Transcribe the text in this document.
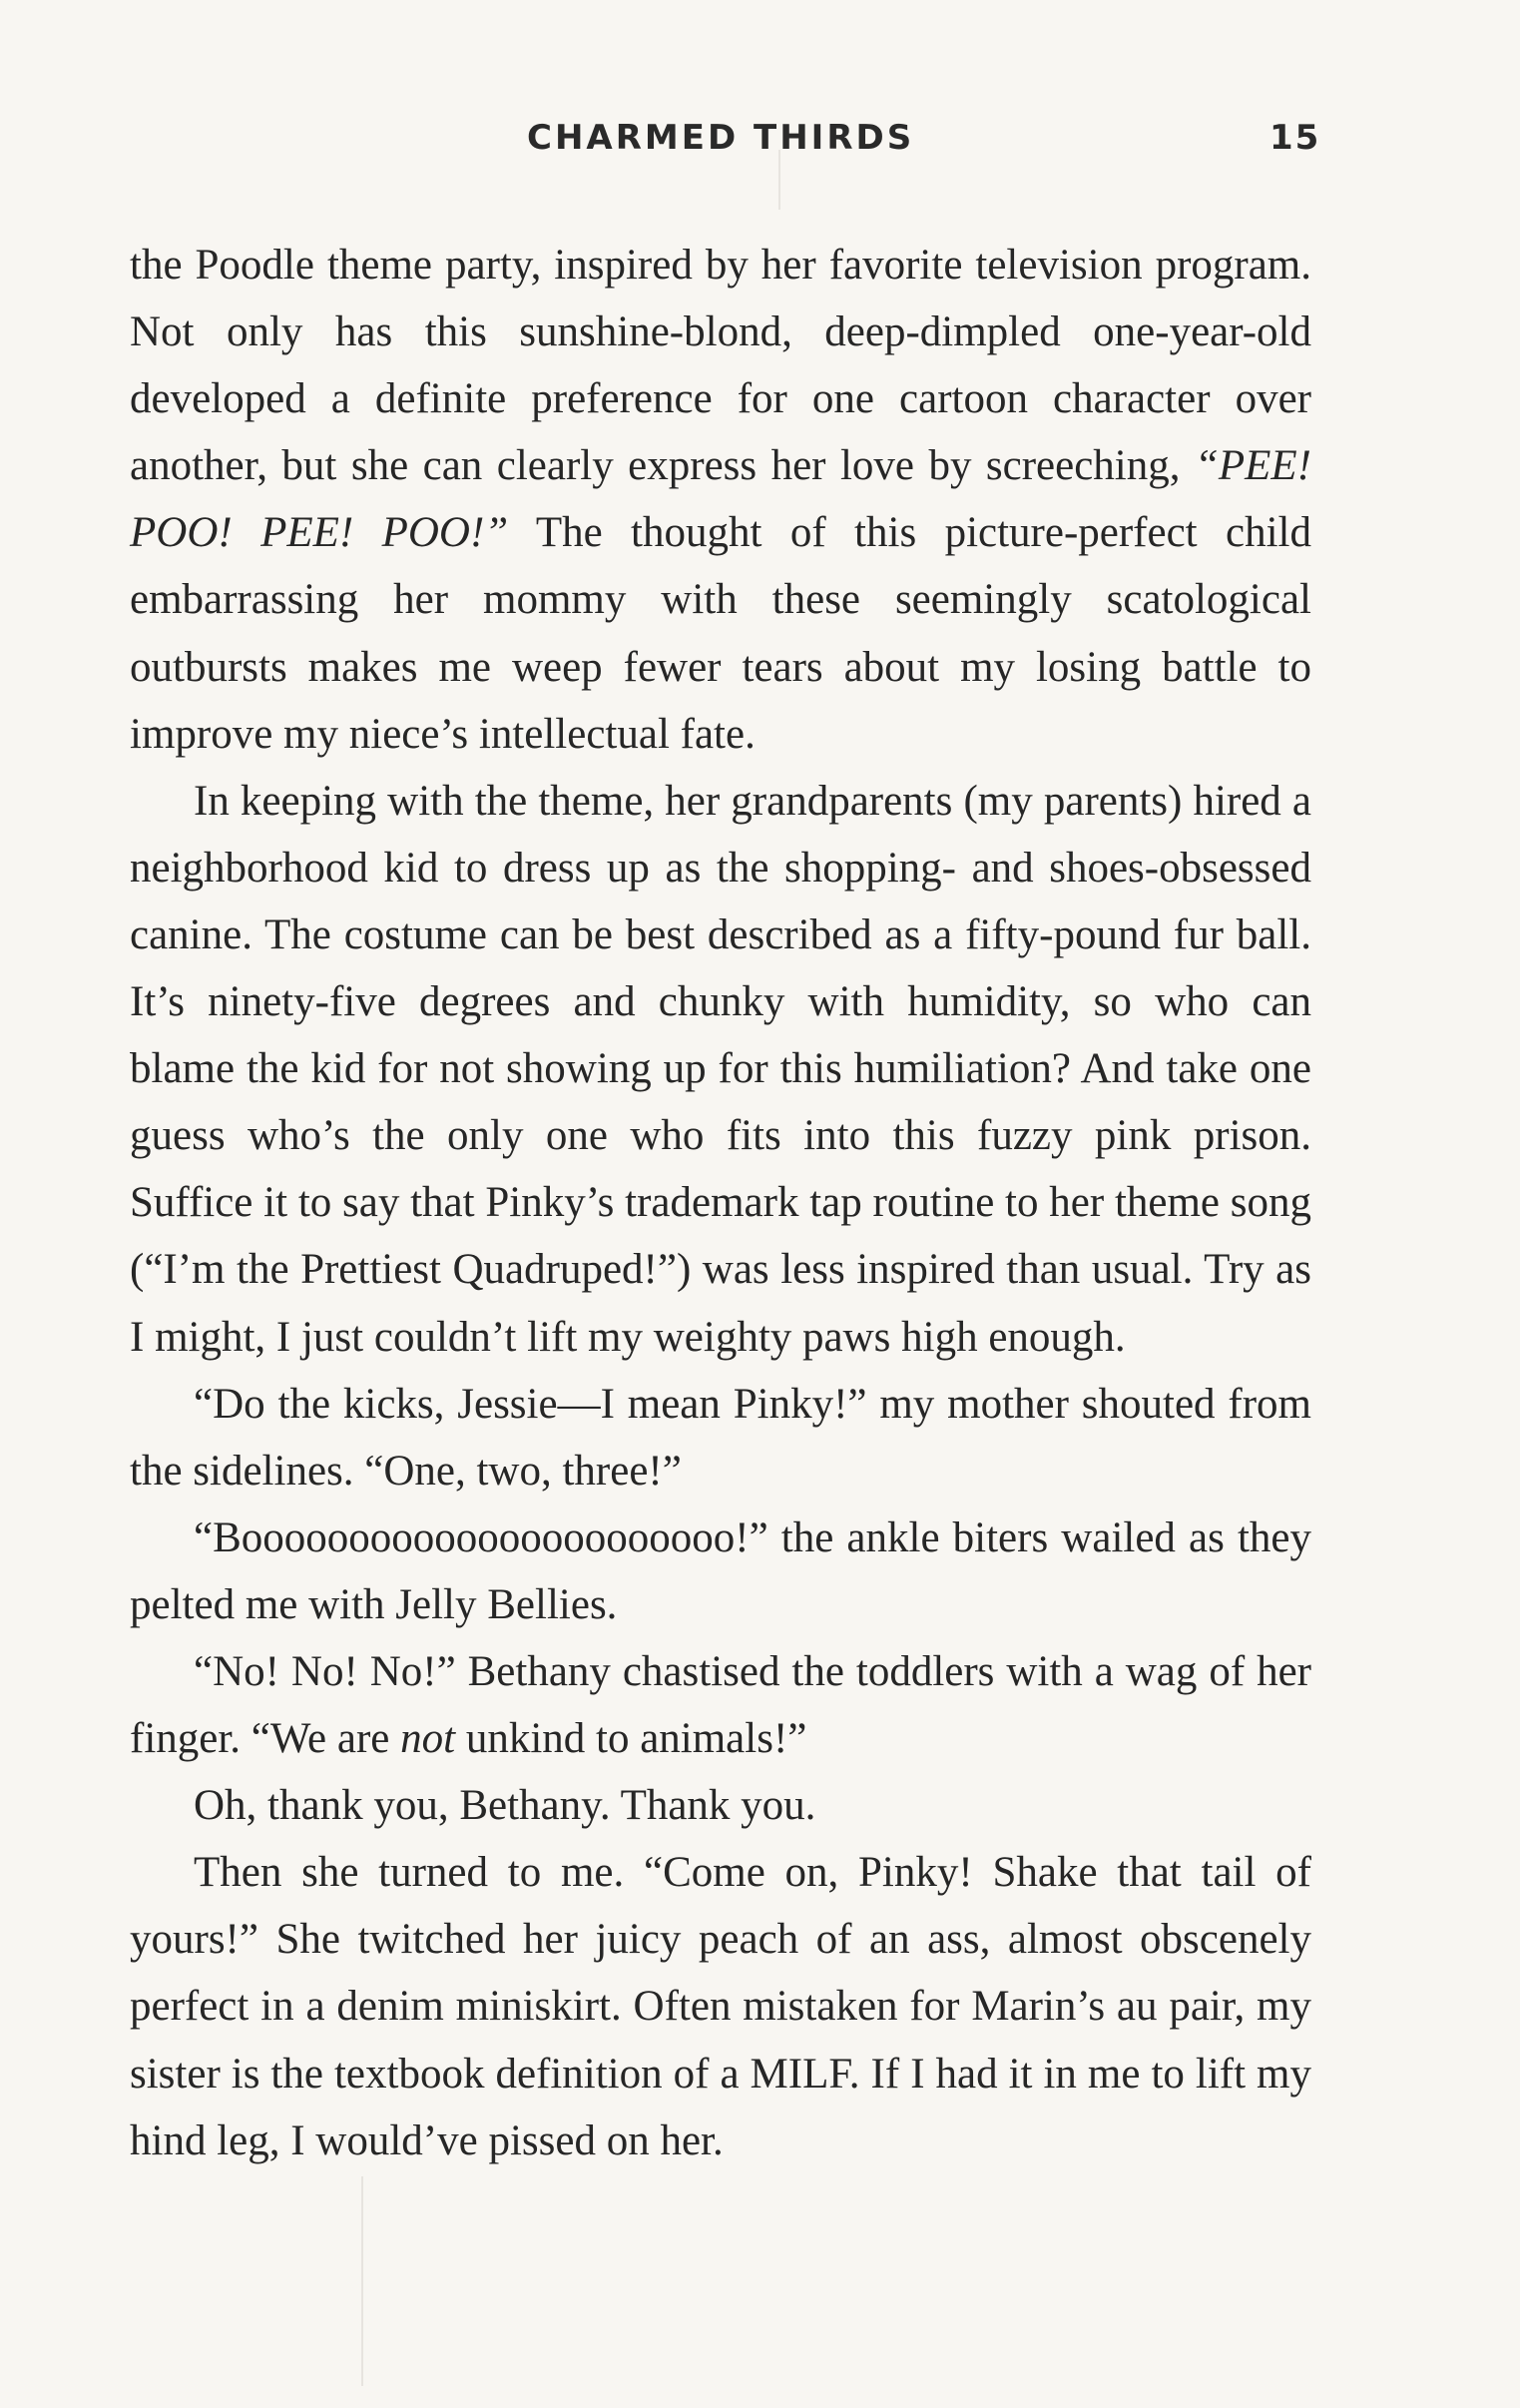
CHARMED THIRDS	15

the Poodle theme party, inspired by her favorite television program. Not only has this sunshine-blond, deep-dimpled one-year-old developed a definite preference for one cartoon character over another, but she can clearly express her love by screeching, “PEE! POO! PEE! POO!” The thought of this picture-perfect child embarrassing her mommy with these seemingly scatological outbursts makes me weep fewer tears about my losing battle to improve my niece’s intellectual fate.

In keeping with the theme, her grandparents (my parents) hired a neighborhood kid to dress up as the shopping- and shoes-obsessed canine. The costume can be best described as a fifty-pound fur ball. It’s ninety-five degrees and chunky with humidity, so who can blame the kid for not showing up for this humiliation? And take one guess who’s the only one who fits into this fuzzy pink prison. Suffice it to say that Pinky’s trademark tap routine to her theme song (“I’m the Prettiest Quadruped!”) was less inspired than usual. Try as I might, I just couldn’t lift my weighty paws high enough.

“Do the kicks, Jessie—I mean Pinky!” my mother shouted from the sidelines. “One, two, three!”

“Booooooooooooooooooooooo!” the ankle biters wailed as they pelted me with Jelly Bellies.

“No! No! No!” Bethany chastised the toddlers with a wag of her finger. “We are not unkind to animals!”

Oh, thank you, Bethany. Thank you.

Then she turned to me. “Come on, Pinky! Shake that tail of yours!” She twitched her juicy peach of an ass, almost obscenely perfect in a denim miniskirt. Often mistaken for Marin’s au pair, my sister is the textbook definition of a MILF. If I had it in me to lift my hind leg, I would’ve pissed on her.
